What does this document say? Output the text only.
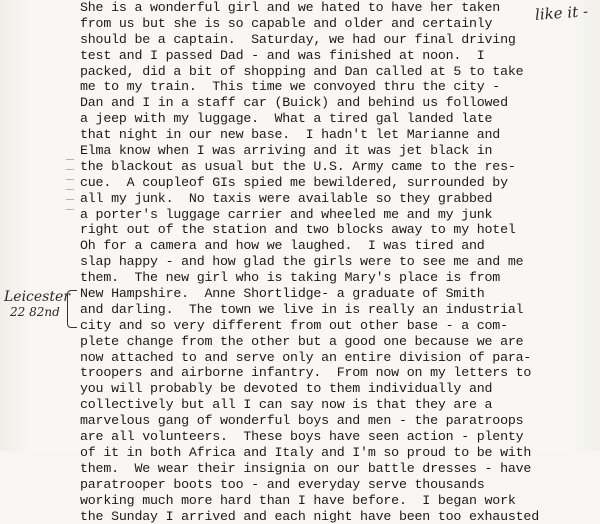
She is a wonderful girl and we hated to have her taken
from us but she is so capable and older and certainly
should be a captain.  Saturday, we had our final driving
test and I passed Dad - and was finished at noon.  I
packed, did a bit of shopping and Dan called at 5 to take
me to my train.  This time we convoyed thru the city -
Dan and I in a staff car (Buick) and behind us followed
a jeep with my luggage.  What a tired gal landed late
that night in our new base.  I hadn't let Marianne and
Elma know when I was arriving and it was jet black in
the blackout as usual but the U.S. Army came to the res-
cue.  A coupleof GIs spied me bewildered, surrounded by
all my junk.  No taxis were available so they grabbed
a porter's luggage carrier and wheeled me and my junk
right out of the station and two blocks away to my hotel
Oh for a camera and how we laughed.  I was tired and
slap happy - and how glad the girls were to see me and me
them.  The new girl who is taking Mary's place is from
New Hampshire.  Anne Shortlidge- a graduate of Smith
and darling.  The town we live in is really an industrial
city and so very different from out other base - a com-
plete change from the other but a good one because we are
now attached to and serve only an entire division of para-
troopers and airborne infantry.  From now on my letters to
you will probably be devoted to them individually and
collectively but all I can say now is that they are a
marvelous gang of wonderful boys and men - the paratroops
are all volunteers.  These boys have seen action - plenty
of it in both Africa and Italy and I'm so proud to be with
them.  We wear their insignia on our battle dresses - have
paratrooper boots too - and everyday serve thousands
working much more hard than I have before.  I began work
the Sunday I arrived and each night have been too exhausted
like it -
Leicester
22 82nd
